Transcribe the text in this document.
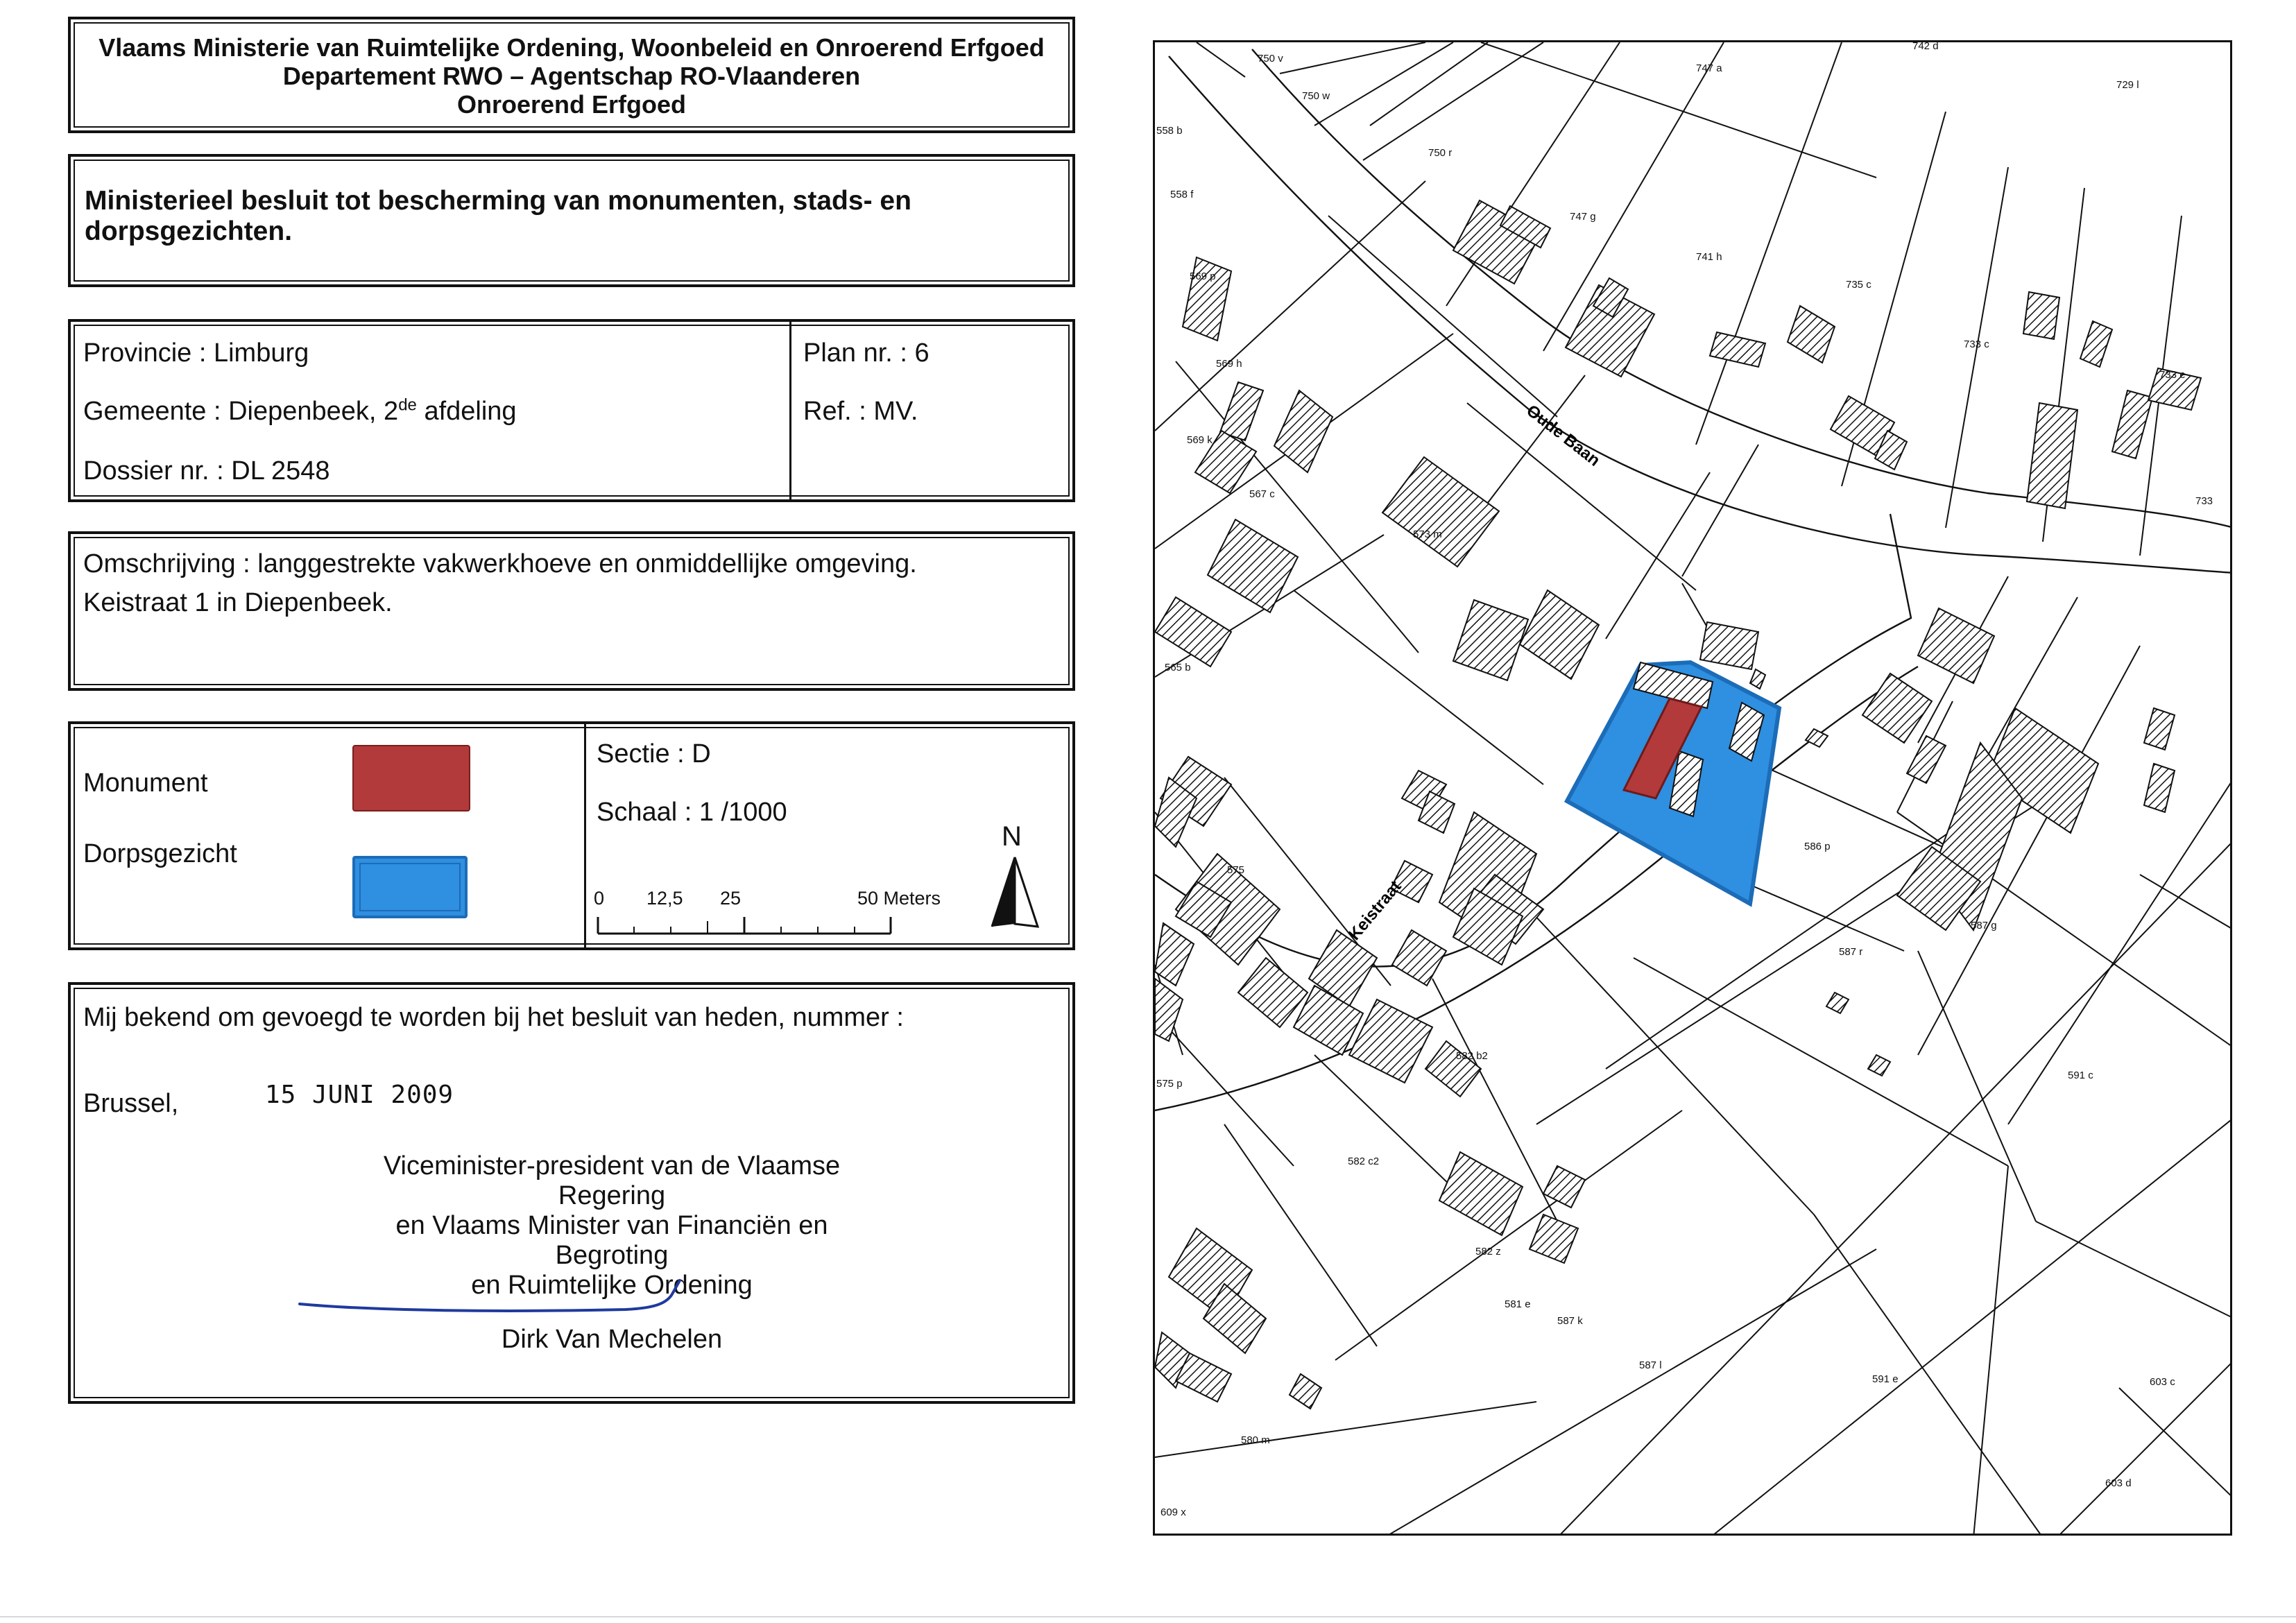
Vlaams Ministerie van Ruimtelijke Ordening, Woonbeleid en Onroerend Erfgoed
Departement RWO – Agentschap RO-Vlaanderen
Onroerend Erfgoed
Ministerieel besluit tot bescherming van monumenten, stads- en
dorpsgezichten.
Provincie : Limburg
Gemeente : Diepenbeek, 2de afdeling
Dossier nr. : DL 2548
Plan nr. : 6
Ref. : MV.
Omschrijving : langgestrekte vakwerkhoeve en onmiddellijke omgeving.
Keistraat 1 in Diepenbeek.
Monument
Dorpsgezicht
Sectie : D
Schaal : 1 /1000
0 12,5 25	50 Meters
N
Mij bekend om gevoegd te worden bij het besluit van heden, nummer :
Brussel,	15 JUNI 2009
Viceminister-president van de Vlaamse Regering
en Vlaams Minister van Financiën en Begroting
en Ruimtelijke Ordening
Dirk Van Mechelen
Oude Baan
Keistraat
750 v
742 d
747 a
750 w
729 l
558 b
750 r
558 f
747 g
741 h
735 c
569 p
733 c
733 e
569 h
569 k
733
567 c
573 m
565 b
586 p
575
575 p
582 b2
582 c2
587 r
587 g
591 c
582 z
581 e
587 k
587 l
591 e	603 c
580 m
603 d
609 x
